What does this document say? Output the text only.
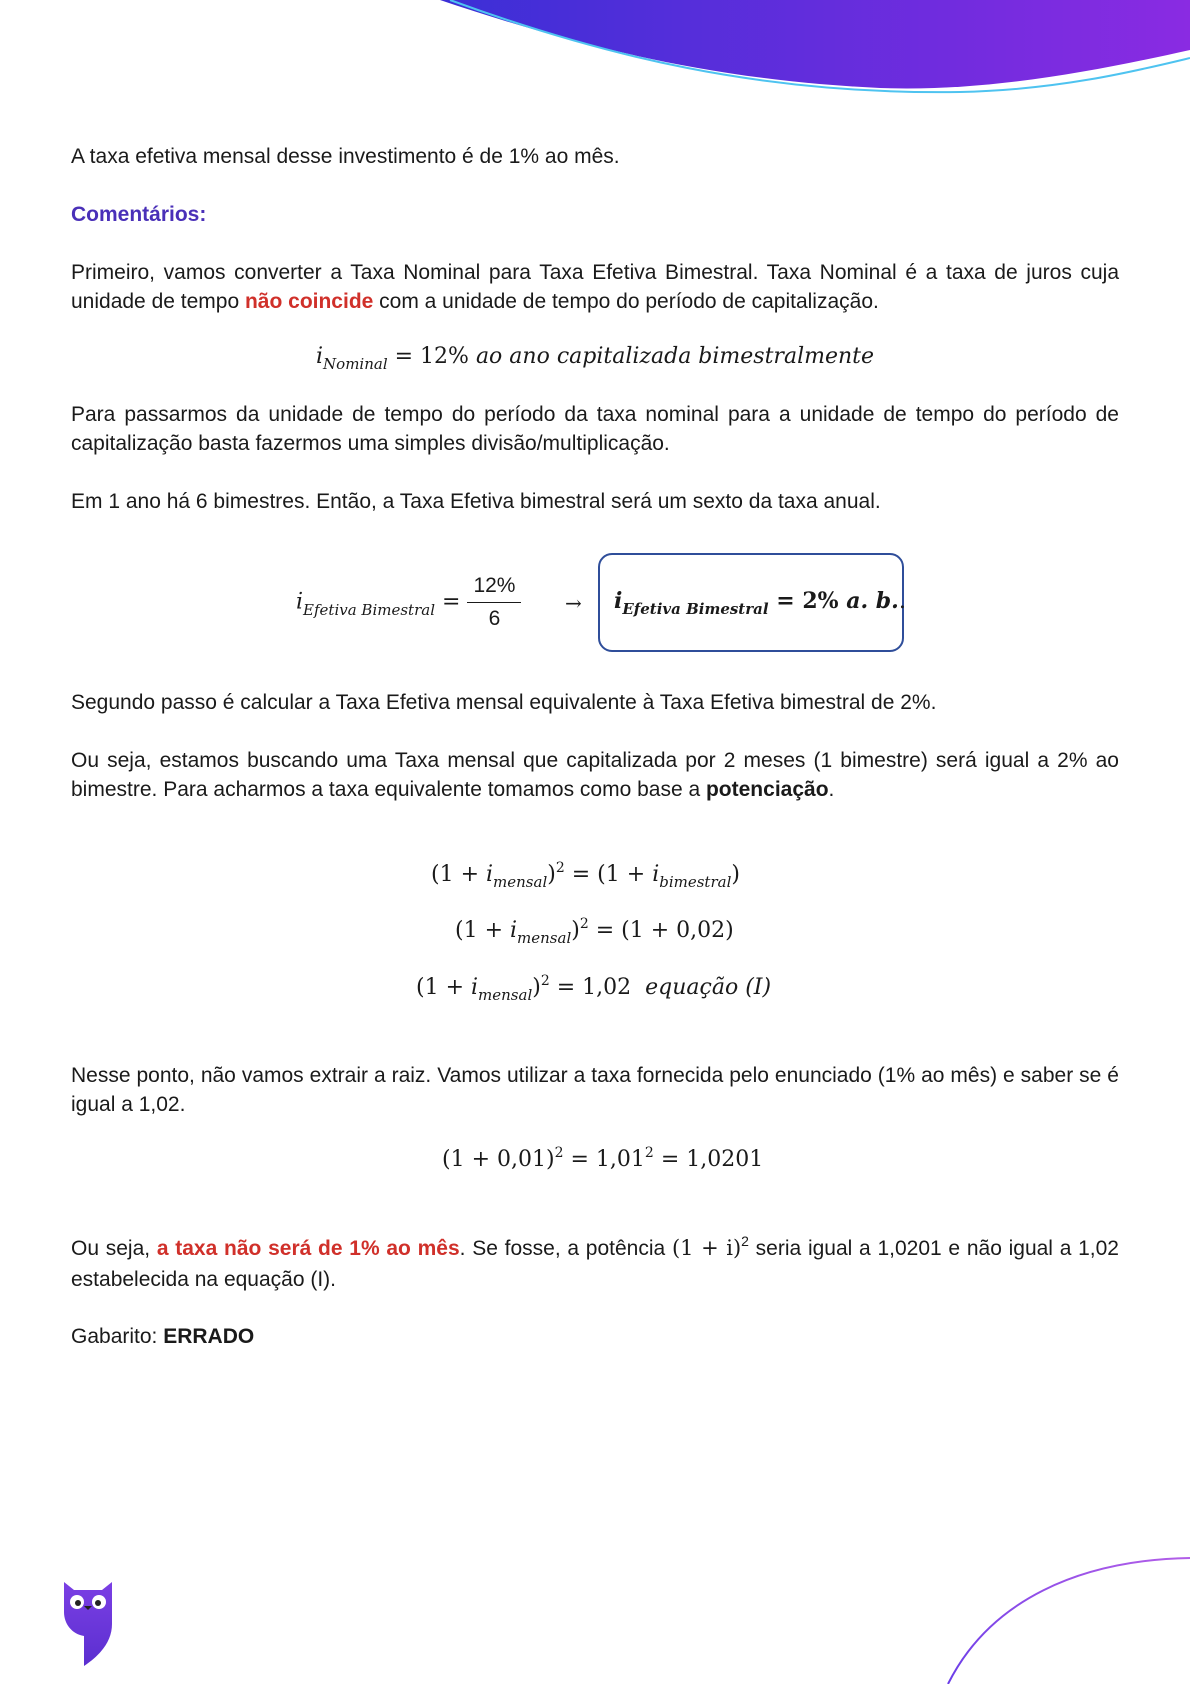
A taxa efetiva mensal desse investimento é de 1% ao mês.
Comentários:
Primeiro, vamos converter a Taxa Nominal para Taxa Efetiva Bimestral. Taxa Nominal é a taxa de juros cuja unidade de tempo não coincide com a unidade de tempo do período de capitalização.
$i_{Nominal} = 12\%$ ao ano capitalizada bimestralmente
Para passarmos da unidade de tempo do período da taxa nominal para a unidade de tempo do período de capitalização basta fazermos uma simples divisão/multiplicação.
Em 1 ano há 6 bimestres. Então, a Taxa Efetiva bimestral será um sexto da taxa anual.
$i_{Efetiva Bimestral} = \frac{12\%}{6} \to i_{Efetiva Bimestral} = 2\%$ a. b..
Segundo passo é calcular a Taxa Efetiva mensal equivalente à Taxa Efetiva bimestral de 2%.
Ou seja, estamos buscando uma Taxa mensal que capitalizada por 2 meses (1 bimestre) será igual a 2% ao bimestre. Para acharmos a taxa equivalente tomamos como base a potenciação.
$(1 + i_{mensal})^2 = (1 + i_{bimestral})$
$(1 + i_{mensal})^2 = (1 + 0,02)$
$(1 + i_{mensal})^2 = 1,02$  equação (I)
Nesse ponto, não vamos extrair a raiz. Vamos utilizar a taxa fornecida pelo enunciado (1% ao mês) e saber se é igual a 1,02.
$(1 + 0,01)^2 = 1,01^2 = 1,0201$
Ou seja, a taxa não será de 1% ao mês. Se fosse, a potência $(1 + i)^2$ seria igual a 1,0201 e não igual a 1,02 estabelecida na equação (I).
Gabarito: ERRADO
